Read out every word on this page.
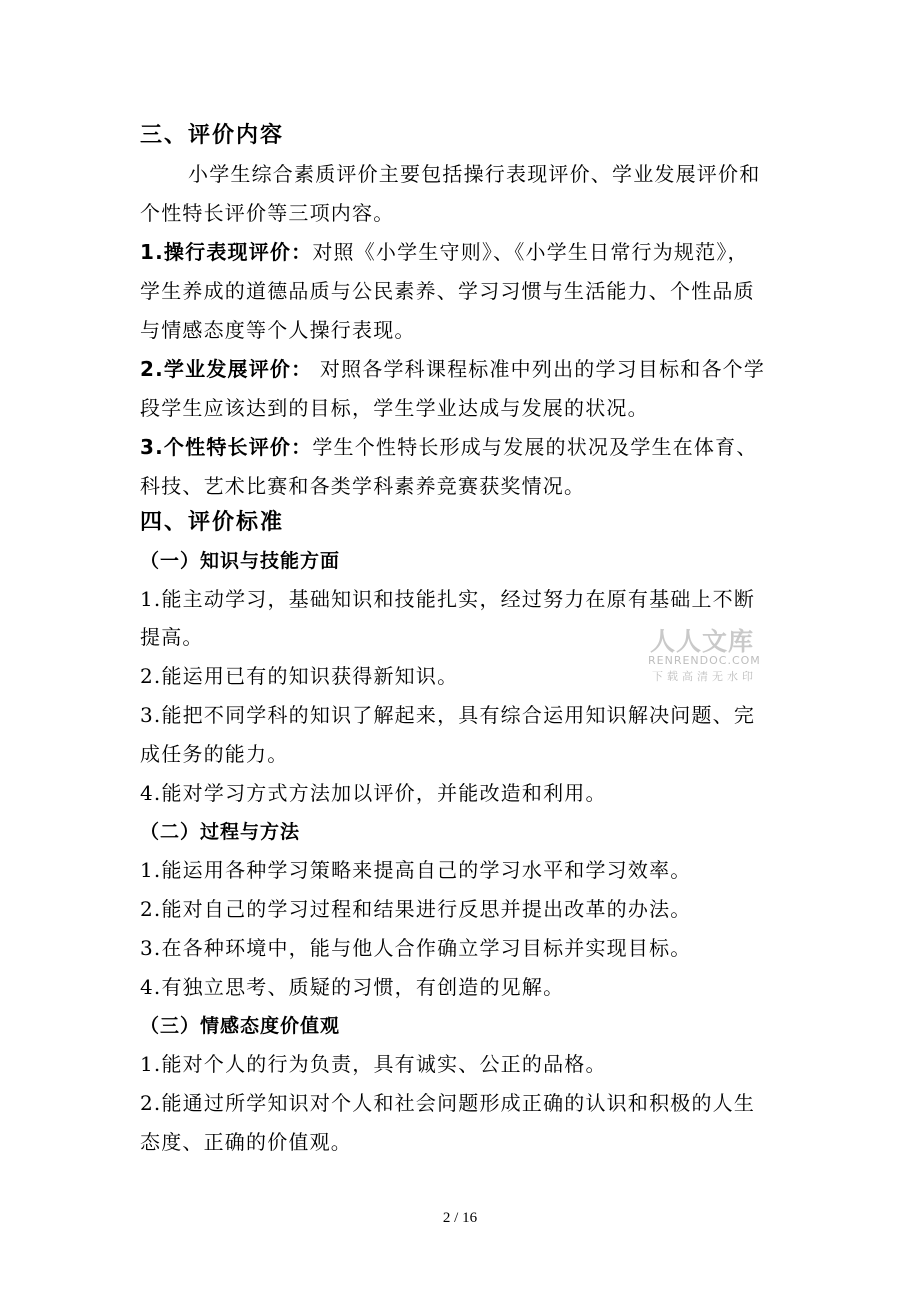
三、评价内容
小学生综合素质评价主要包括操行表现评价、学业发展评价和
个性特长评价等三项内容。
1.操行表现评价：对照《小学生守则》、《小学生日常行为规范》，
学生养成的道德品质与公民素养、学习习惯与生活能力、个性品质
与情感态度等个人操行表现。
2.学业发展评价： 对照各学科课程标准中列出的学习目标和各个学
段学生应该达到的目标，学生学业达成与发展的状况。
3.个性特长评价：学生个性特长形成与发展的状况及学生在体育、
科技、艺术比赛和各类学科素养竞赛获奖情况。
四、评价标准
（一）知识与技能方面
1.能主动学习，基础知识和技能扎实，经过努力在原有基础上不断
提高。
2.能运用已有的知识获得新知识。
3.能把不同学科的知识了解起来，具有综合运用知识解决问题、完
成任务的能力。
4.能对学习方式方法加以评价，并能改造和利用。
（二）过程与方法
1.能运用各种学习策略来提高自己的学习水平和学习效率。
2.能对自己的学习过程和结果进行反思并提出改革的办法。
3.在各种环境中，能与他人合作确立学习目标并实现目标。
4.有独立思考、质疑的习惯，有创造的见解。
（三）情感态度价值观
1.能对个人的行为负责，具有诚实、公正的品格。
2.能通过所学知识对个人和社会问题形成正确的认识和积极的人生
态度、正确的价值观。
人人文库
RENRENDOC.COM
下载高清无水印
2 / 16
